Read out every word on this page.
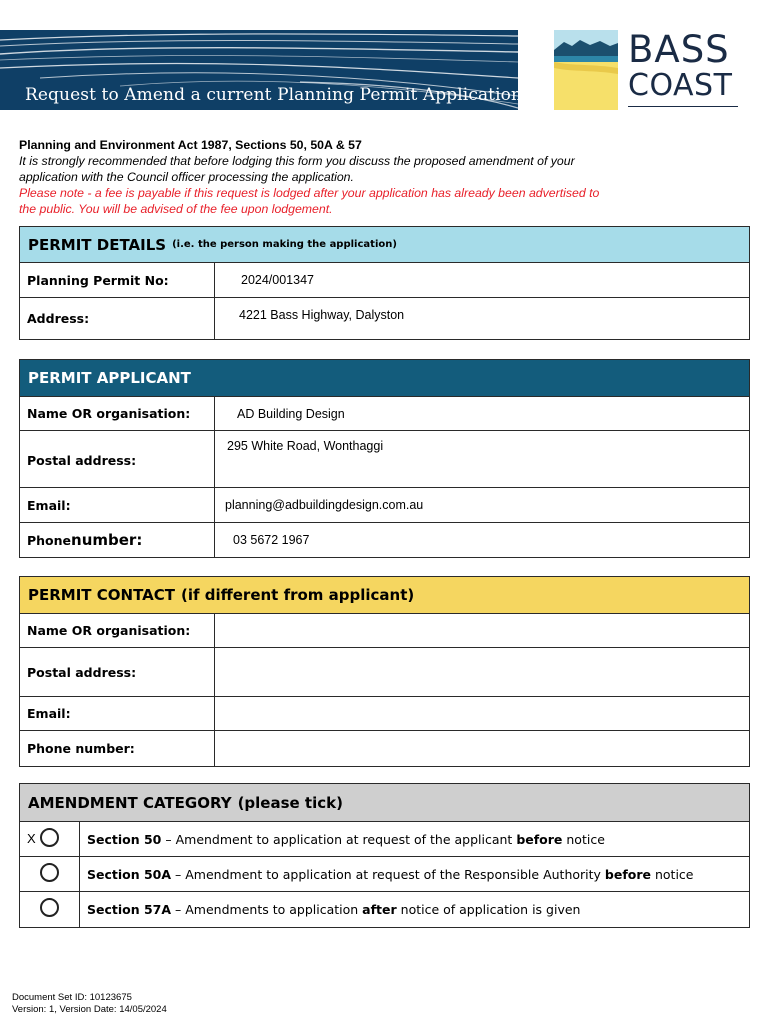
Request to Amend a current Planning Permit Application
BASS
COAST
Planning and Environment Act 1987, Sections 50, 50A & 57
It is strongly recommended that before lodging this form you discuss the proposed amendment of your
application with the Council officer processing the application.
Please note - a fee is payable if this request is lodged after your application has already been advertised to
the public. You will be advised of the fee upon lodgement.
PERMIT DETAILS (i.e. the person making the application)
Planning Permit No:	2024/001347
Address:	4221 Bass Highway, Dalyston
PERMIT APPLICANT
Name OR organisation:	AD Building Design
Postal address:
295 White Road, Wonthaggi
Email:	planning@adbuildingdesign.com.au
Phone number:	03 5672 1967
PERMIT CONTACT (if different from applicant)
Name OR organisation:
Postal address:
Email:
Phone number:
AMENDMENT CATEGORY (please tick)
X	Section 50 – Amendment to application at request of the applicant before notice
Section 50A – Amendment to application at request of the Responsible Authority before notice
Section 57A – Amendments to application after notice of application is given
Document Set ID: 10123675
Version: 1, Version Date: 14/05/2024
